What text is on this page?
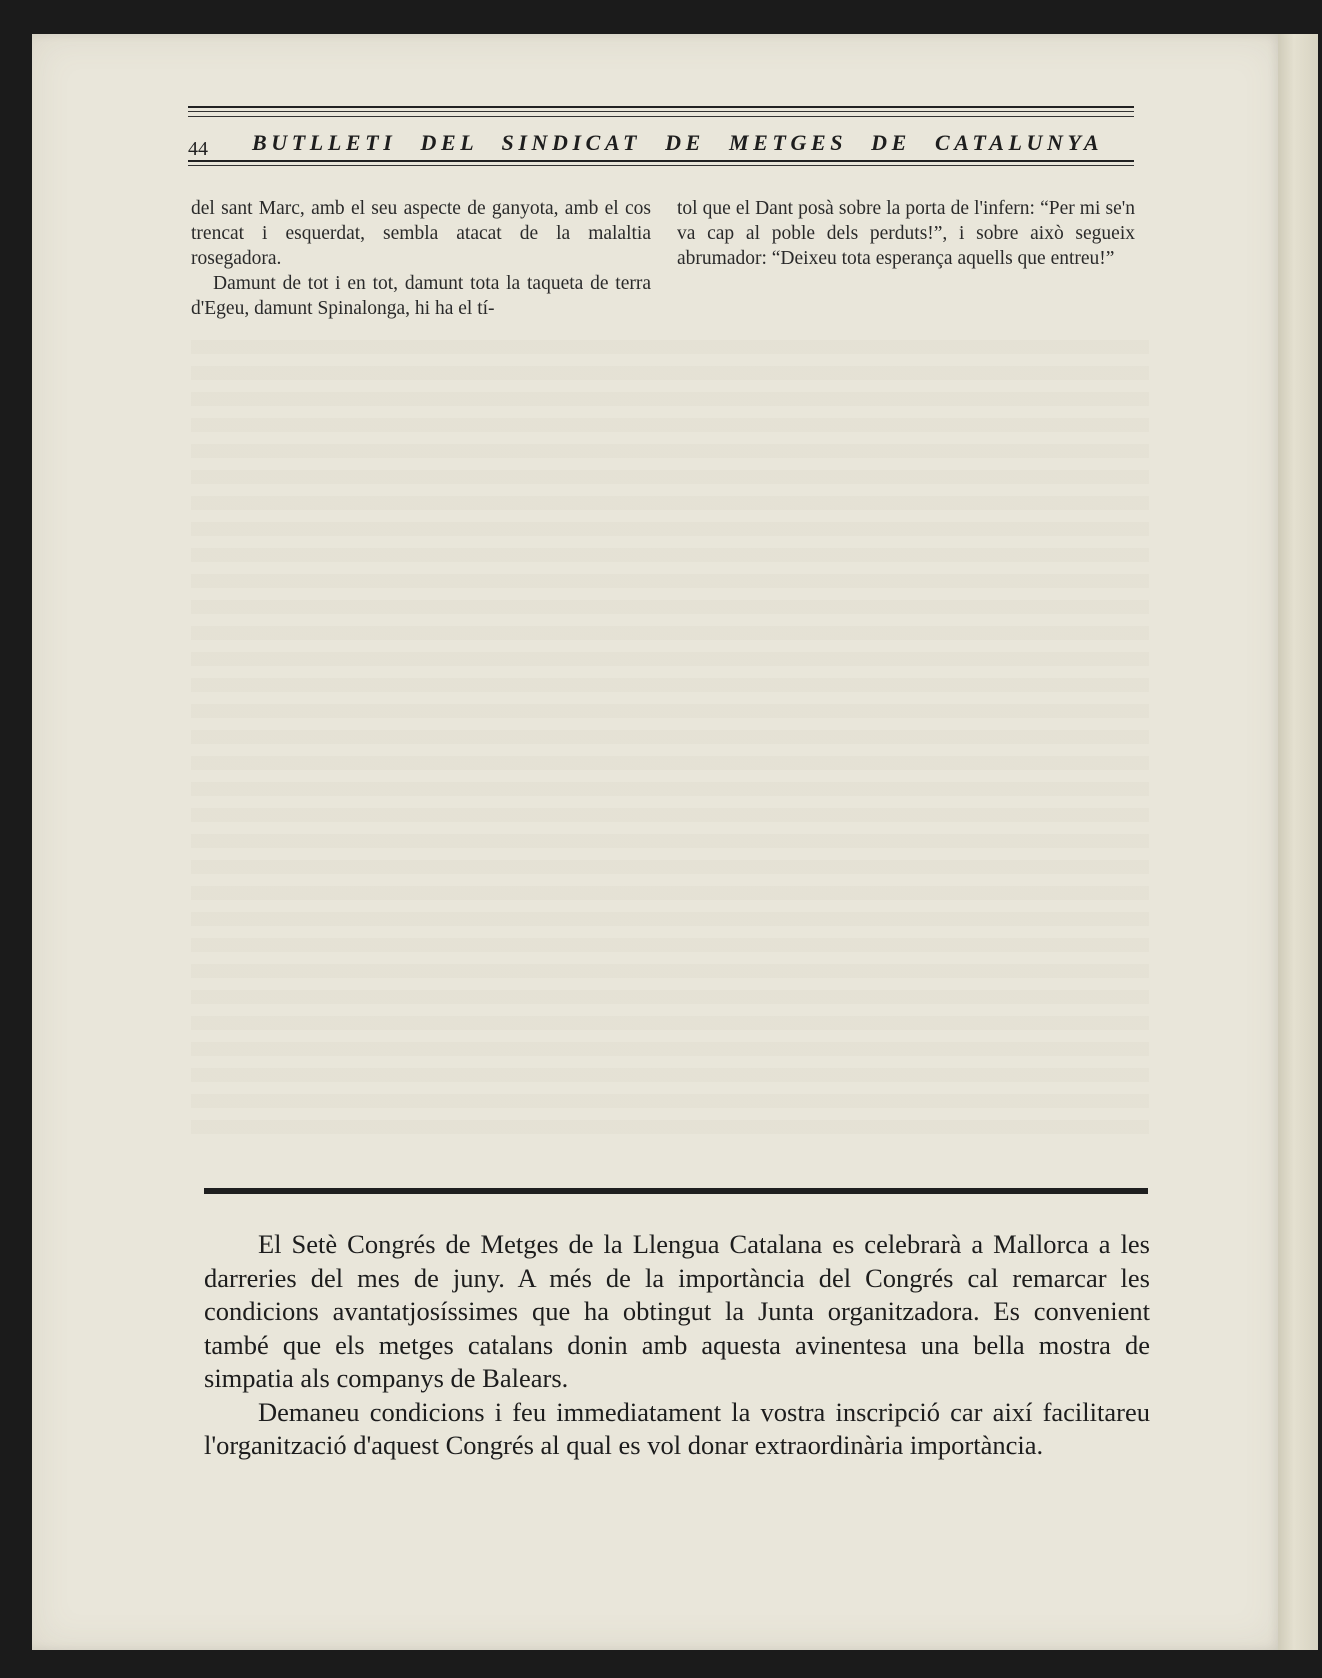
44 BUTLLETI DEL SINDICAT DE METGES DE CATALUNYA

del sant Marc, amb el seu aspecte de ganyota, amb el cos trencat i esquerdat, sembla atacat de la malaltia rosegadora.

Damunt de tot i en tot, damunt tota la taqueta de terra d'Egeu, damunt Spinalonga, hi ha el tí-

tol que el Dant posà sobre la porta de l'infern: “Per mi se'n va cap al poble dels perduts!”, i sobre això segueix abrumador: “Deixeu tota esperança aquells que entreu!”

El Setè Congrés de Metges de la Llengua Catalana es celebrarà a Mallorca a les darreries del mes de juny. A més de la importància del Congrés cal remarcar les condicions avantatjosíssimes que ha obtingut la Junta organitzadora. Es convenient també que els metges catalans donin amb aquesta avinentesa una bella mostra de simpatia als companys de Balears.

Demaneu condicions i feu immediatament la vostra inscripció car així facilitareu l'organització d'aquest Congrés al qual es vol donar extraordinària importància.
